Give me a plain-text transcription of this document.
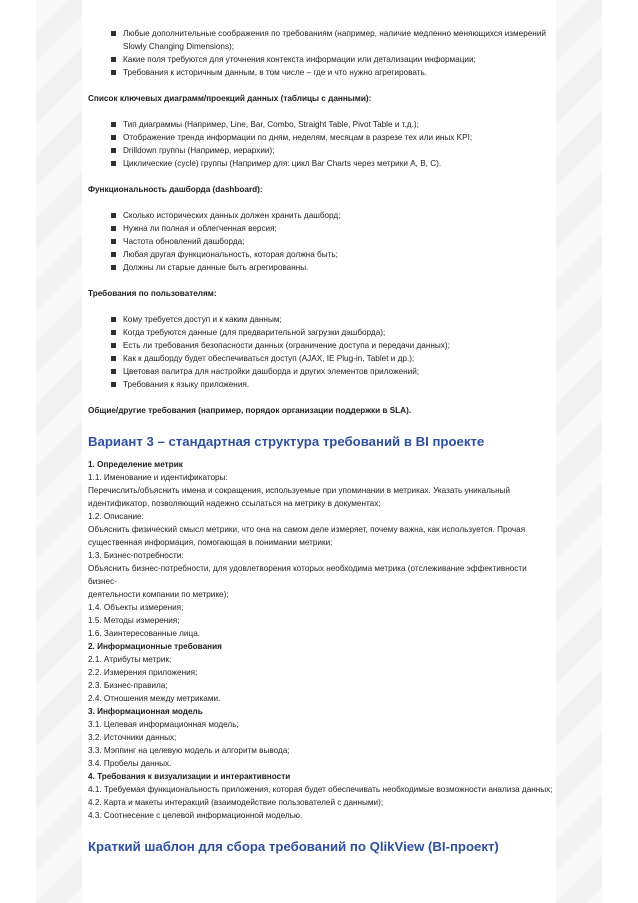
Любые дополнительные соображения по требованиям (например, наличие медленно меняющихся измерений Slowly Changing Dimensions);
Какие поля требуются для уточнения контекста информации или детализации информации;
Требования к историчным данным, в том числе – где и что нужно агрегировать.

Список ключевых диаграмм/проекций данных (таблицы с данными):

Тип диаграммы (Например, Line, Bar, Combo, Straight Table, Pivot Table и т.д.);
Отображение тренда информации по дням, неделям, месяцам в разрезе тех или иных KPI;
Drilldown группы (Например, иерархии);
Циклические (cycle) группы (Например для: цикл Bar Charts через метрики A, B, C).

Функциональность дашборда (dashboard):

Сколько исторических данных должен хранить дашборд;
Нужна ли полная и облегченная версия;
Частота обновлений дашборда;
Любая другая функциональность, которая должна быть;
Должны ли старые данные быть агрегированны.

Требования по пользователям:

Кому требуется доступ и к каким данным;
Когда требуются данные (для предварительной загрузки дашборда);
Есть ли требования безопасности данных (ограничение доступа и передачи данных);
Как к дашборду будет обеспечиваться доступ (AJAX, IE Plug-in, Tablet и др.);
Цветовая палитра для настройки дашборда и других элементов приложений;
Требования к языку приложения.

Общие/другие требования (например, порядок организации поддержки в SLA).

Вариант 3 – стандартная структура требований в BI проекте

1. Определение метрик

1.1. Именование и идентификаторы:

Перечислить/объяснить имена и сокращения, используемые при упоминании в метриках. Указать уникальный

идентификатор, позволяющий надежно ссылаться на метрику в документах;

1.2. Описание:

Объяснить физический смысл метрики, что она на самом деле измеряет, почему важна, как используется. Прочая

существенная информация, помогающая в понимании метрики;

1.3. Бизнес-потребности:

Объяснить бизнес-потребности, для удовлетворения которых необходима метрика (отслеживание эффективности бизнес-

деятельности компании по метрике);

1.4. Объекты измерения;

1.5. Методы измерения;

1.6. Заинтересованные лица.

2. Информационные требования

2.1. Атрибуты метрик;

2.2. Измерения приложения;

2.3. Бизнес-правила;

2.4. Отношения между метриками.

3. Информационная модель

3.1. Целевая информационная модель;

3.2. Источники данных;

3.3. Мэппинг на целевую модель и алгоритм вывода;

3.4. Пробелы данных.

4. Требования к визуализации и интерактивности

4.1. Требуемая функциональность приложения, которая будет обеспечивать необходимые возможности анализа данных;

4.2. Карта и макеты интеракций (взаимодействие пользователей с данными);

4.3. Соотнесение с целевой информационной моделью.

Краткий шаблон для сбора требований по QlikView (BI-проект)
